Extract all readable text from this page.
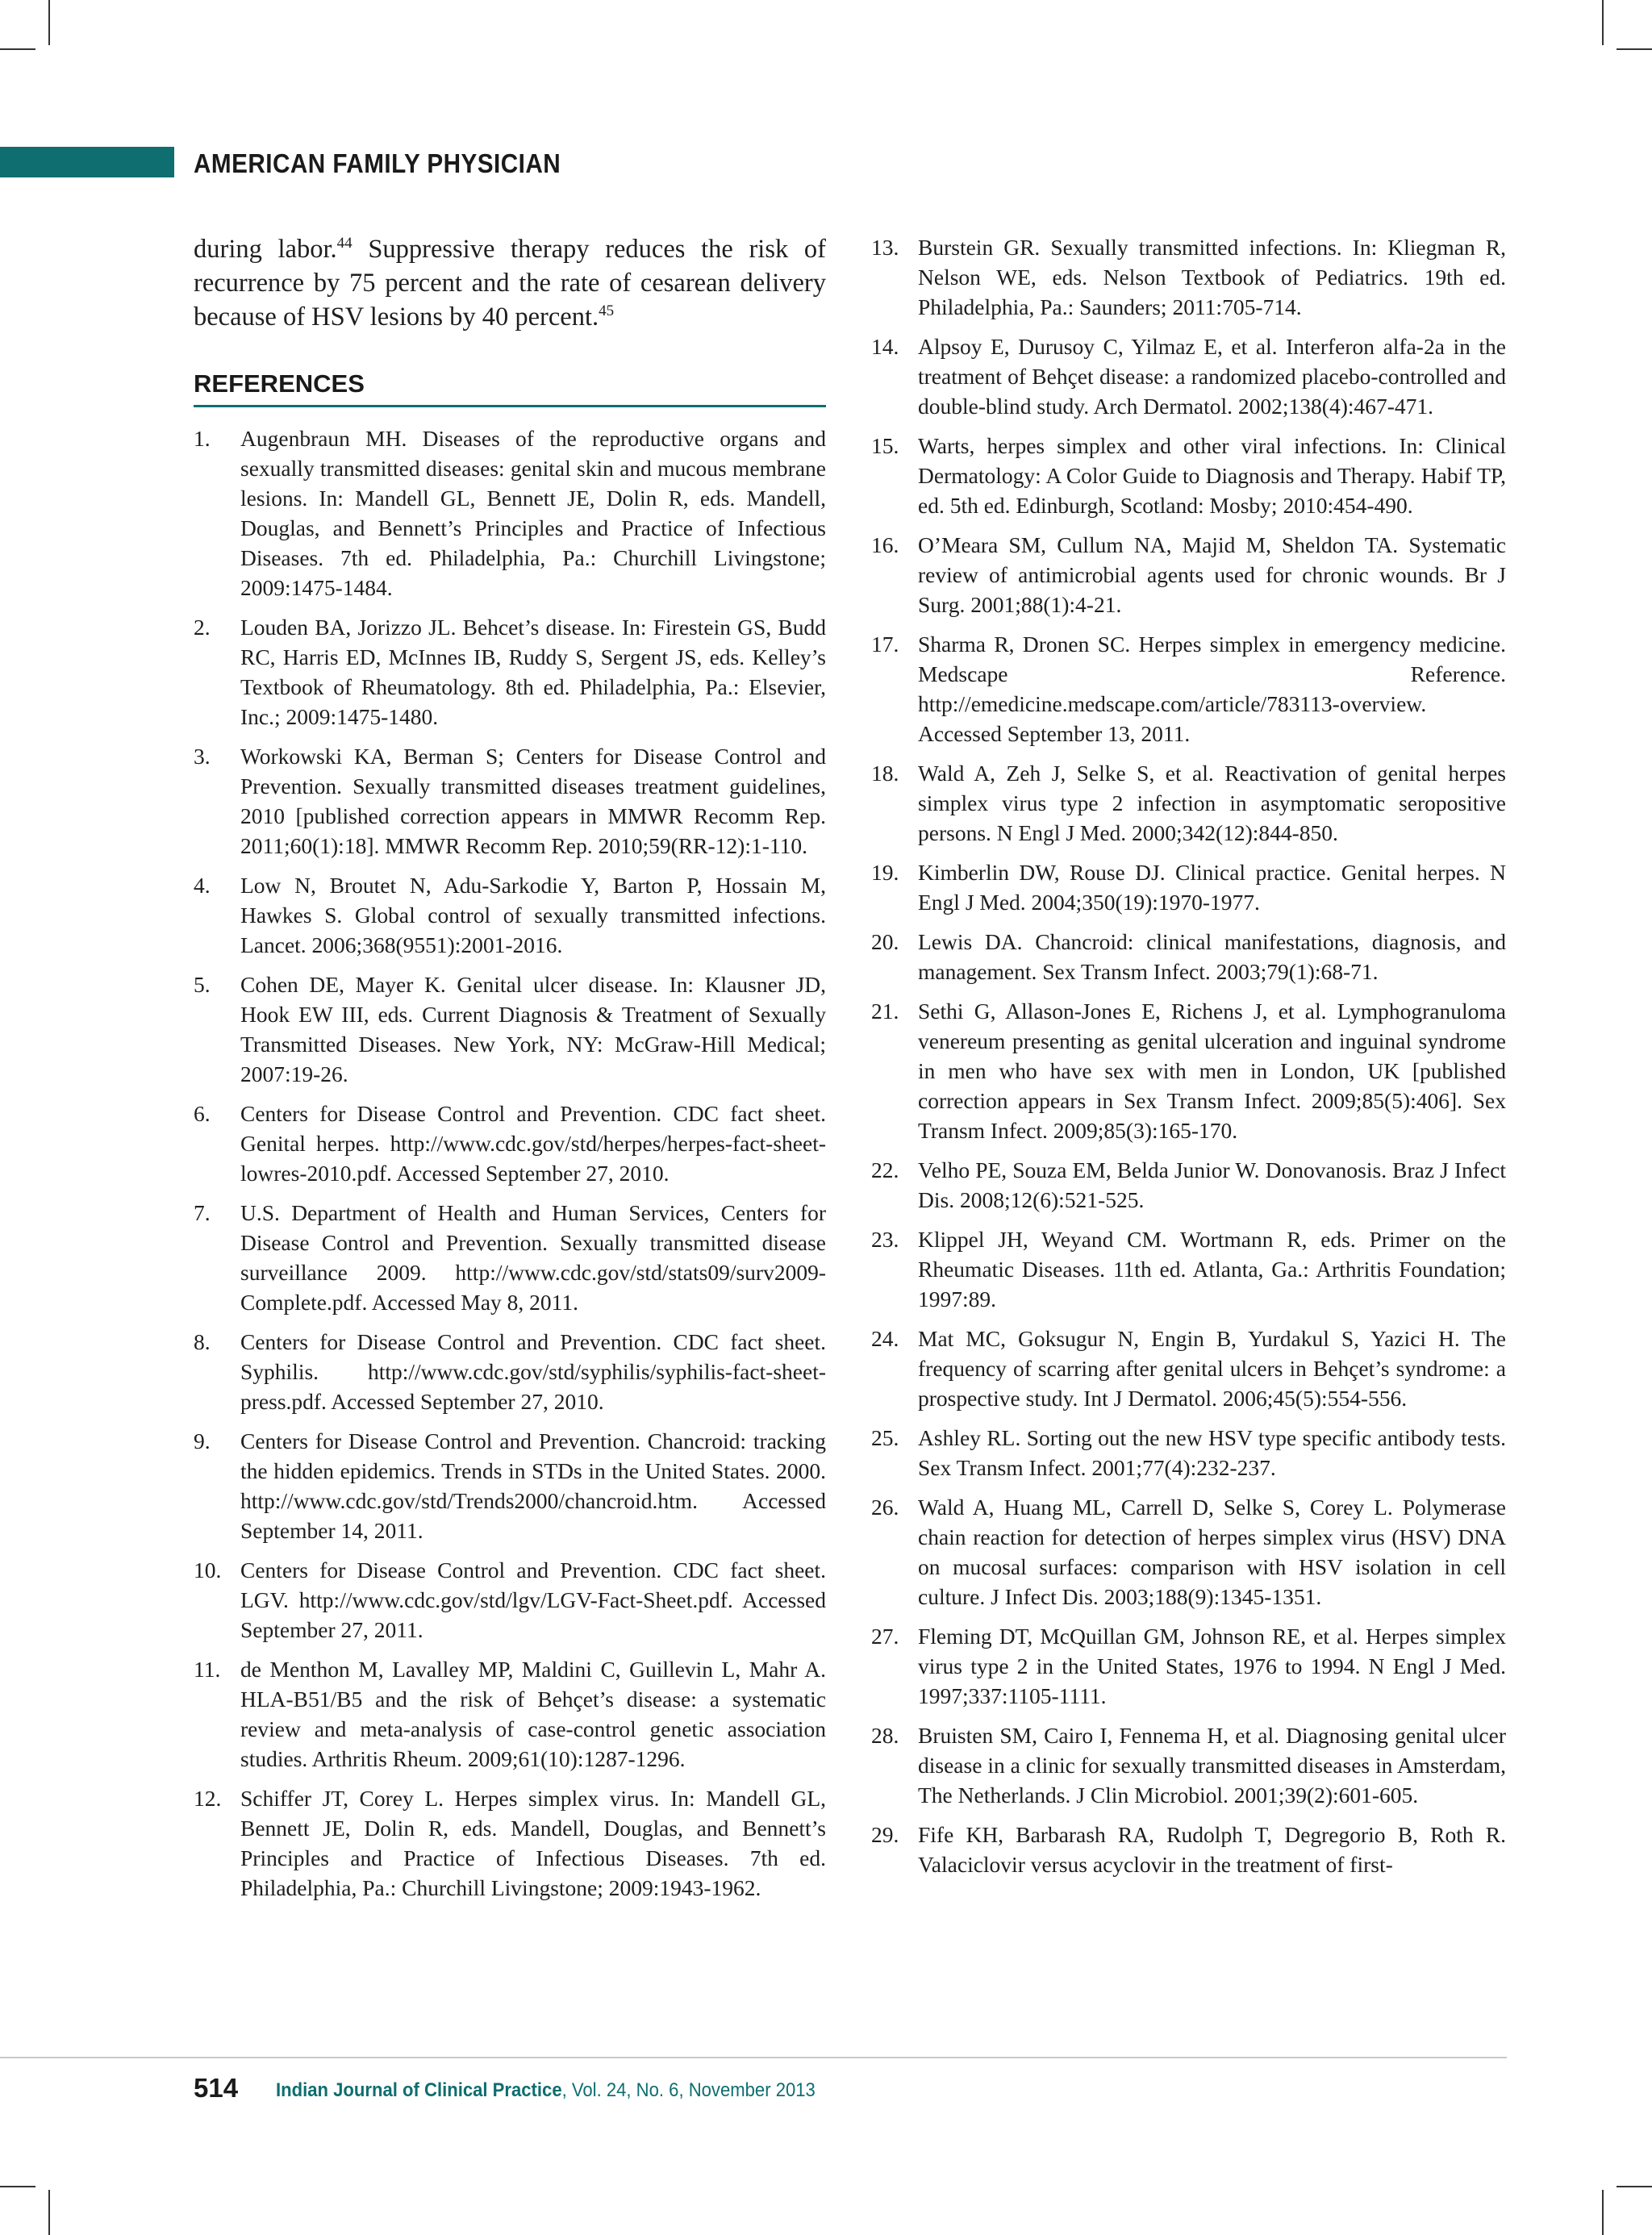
AMERICAN FAMILY PHYSICIAN

during labor.$^{44}$ Suppressive therapy reduces the risk of recurrence by 75 percent and the rate of cesarean delivery because of HSV lesions by 40 percent.$^{45}$

REFERENCES
1.	Augenbraun MH. Diseases of the reproductive organs and sexually transmitted diseases: genital skin and mucous membrane lesions. In: Mandell GL, Bennett JE, Dolin R, eds. Mandell, Douglas, and Bennett’s Principles and Practice of Infectious Diseases. 7th ed. Philadelphia, Pa.: Churchill Livingstone; 2009:1475-1484.
2.	Louden BA, Jorizzo JL. Behcet’s disease. In: Firestein GS, Budd RC, Harris ED, McInnes IB, Ruddy S, Sergent JS, eds. Kelley’s Textbook of Rheumatology. 8th ed. Philadelphia, Pa.: Elsevier, Inc.; 2009:1475-1480.
3.	Workowski KA, Berman S; Centers for Disease Control and Prevention. Sexually transmitted diseases treatment guidelines, 2010 [published correction appears in MMWR Recomm Rep. 2011;60(1):18]. MMWR Recomm Rep. 2010;59(RR-12):1-110.
4.	Low N, Broutet N, Adu-Sarkodie Y, Barton P, Hossain M, Hawkes S. Global control of sexually transmitted infections. Lancet. 2006;368(9551):2001-2016.
5.	Cohen DE, Mayer K. Genital ulcer disease. In: Klausner JD, Hook EW III, eds. Current Diagnosis & Treatment of Sexually Transmitted Diseases. New York, NY: McGraw-Hill Medical; 2007:19-26.
6.	Centers for Disease Control and Prevention. CDC fact sheet. Genital herpes. http://www.cdc.gov/std/herpes/herpes-fact-sheet-lowres-2010.pdf. Accessed September 27, 2010.
7.	U.S. Department of Health and Human Services, Centers for Disease Control and Prevention. Sexually transmitted disease surveillance 2009. http://www.cdc.gov/std/stats09/surv2009-Complete.pdf. Accessed May 8, 2011.
8.	Centers for Disease Control and Prevention. CDC fact sheet. Syphilis. http://www.cdc.gov/std/syphilis/syphilis-fact-sheet-press.pdf. Accessed September 27, 2010.
9.	Centers for Disease Control and Prevention. Chancroid: tracking the hidden epidemics. Trends in STDs in the United States. 2000. http://www.cdc.gov/std/Trends2000/chancroid.htm. Accessed September 14, 2011.
10. Centers for Disease Control and Prevention. CDC fact sheet. LGV. http://www.cdc.gov/std/lgv/LGV-Fact-Sheet.pdf. Accessed September 27, 2011.
11. de Menthon M, Lavalley MP, Maldini C, Guillevin L, Mahr A. HLA-B51/B5 and the risk of Behçet’s disease: a systematic review and meta-analysis of case-control genetic association studies. Arthritis Rheum. 2009;61(10):1287-1296.
12. Schiffer JT, Corey L. Herpes simplex virus. In: Mandell GL, Bennett JE, Dolin R, eds. Mandell, Douglas, and Bennett’s Principles and Practice of Infectious Diseases. 7th ed. Philadelphia, Pa.: Churchill Livingstone; 2009:1943-1962.
13. Burstein GR. Sexually transmitted infections. In: Kliegman R, Nelson WE, eds. Nelson Textbook of Pediatrics. 19th ed. Philadelphia, Pa.: Saunders; 2011:705-714.
14. Alpsoy E, Durusoy C, Yilmaz E, et al. Interferon alfa-2a in the treatment of Behçet disease: a randomized placebo-controlled and double-blind study. Arch Dermatol. 2002;138(4):467-471.
15. Warts, herpes simplex and other viral infections. In: Clinical Dermatology: A Color Guide to Diagnosis and Therapy. Habif TP, ed. 5th ed. Edinburgh, Scotland: Mosby; 2010:454-490.
16. O’Meara SM, Cullum NA, Majid M, Sheldon TA. Systematic review of antimicrobial agents used for chronic wounds. Br J Surg. 2001;88(1):4-21.
17. Sharma R, Dronen SC. Herpes simplex in emergency medicine. Medscape Reference. http://emedicine.medscape.com/article/783113-overview. Accessed September 13, 2011.
18. Wald A, Zeh J, Selke S, et al. Reactivation of genital herpes simplex virus type 2 infection in asymptomatic seropositive persons. N Engl J Med. 2000;342(12):844-850.
19. Kimberlin DW, Rouse DJ. Clinical practice. Genital herpes. N Engl J Med. 2004;350(19):1970-1977.
20. Lewis DA. Chancroid: clinical manifestations, diagnosis, and management. Sex Transm Infect. 2003;79(1):68-71.
21. Sethi G, Allason-Jones E, Richens J, et al. Lymphogranuloma venereum presenting as genital ulceration and inguinal syndrome in men who have sex with men in London, UK [published correction appears in Sex Transm Infect. 2009;85(5):406]. Sex Transm Infect. 2009;85(3):165-170.
22. Velho PE, Souza EM, Belda Junior W. Donovanosis. Braz J Infect Dis. 2008;12(6):521-525.
23. Klippel JH, Weyand CM. Wortmann R, eds. Primer on the Rheumatic Diseases. 11th ed. Atlanta, Ga.: Arthritis Foundation; 1997:89.
24. Mat MC, Goksugur N, Engin B, Yurdakul S, Yazici H. The frequency of scarring after genital ulcers in Behçet’s syndrome: a prospective study. Int J Dermatol. 2006;45(5):554-556.
25. Ashley RL. Sorting out the new HSV type specific antibody tests. Sex Transm Infect. 2001;77(4):232-237.
26. Wald A, Huang ML, Carrell D, Selke S, Corey L. Polymerase chain reaction for detection of herpes simplex virus (HSV) DNA on mucosal surfaces: comparison with HSV isolation in cell culture. J Infect Dis. 2003;188(9):1345-1351.
27. Fleming DT, McQuillan GM, Johnson RE, et al. Herpes simplex virus type 2 in the United States, 1976 to 1994. N Engl J Med. 1997;337:1105-1111.
28. Bruisten SM, Cairo I, Fennema H, et al. Diagnosing genital ulcer disease in a clinic for sexually transmitted diseases in Amsterdam, The Netherlands. J Clin Microbiol. 2001;39(2):601-605.
29. Fife KH, Barbarash RA, Rudolph T, Degregorio B, Roth R. Valaciclovir versus acyclovir in the treatment of first-
514 Indian Journal of Clinical Practice, Vol. 24, No. 6, November 2013
